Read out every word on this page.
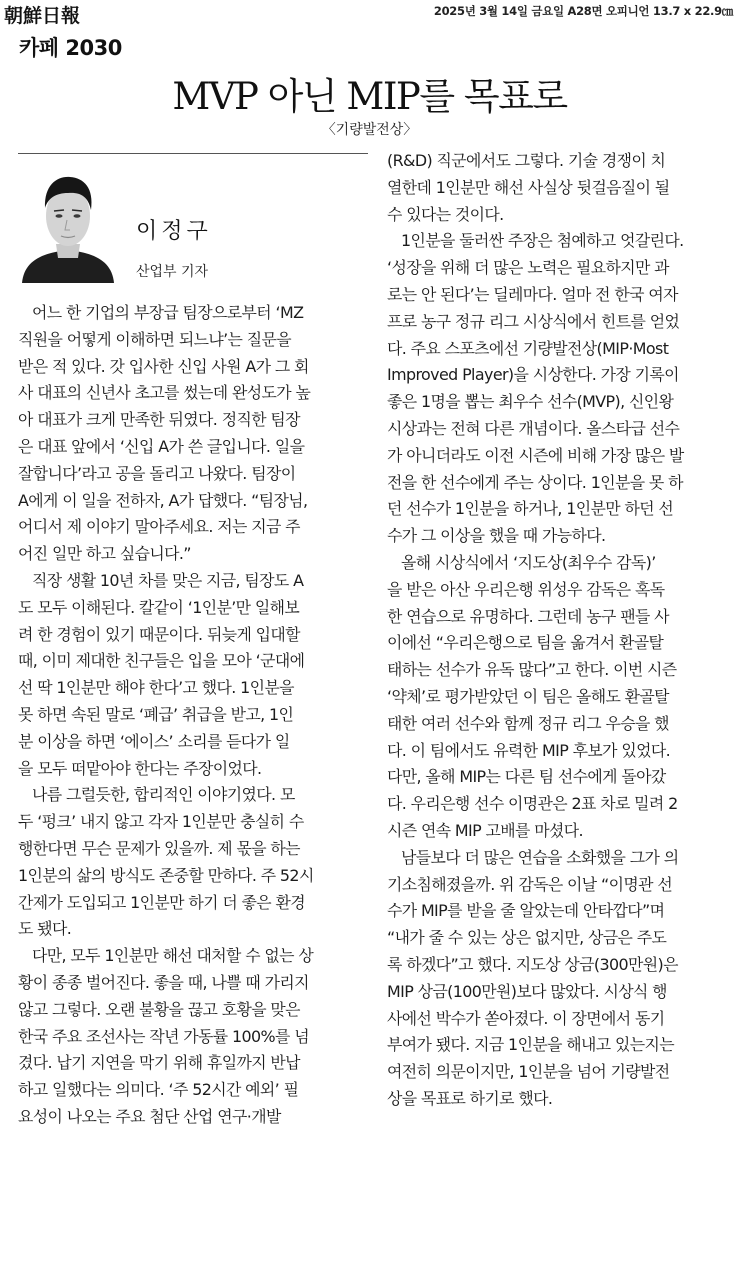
朝鮮日報	2025년 3월 14일 금요일 A28면 오피니언 13.7 x 22.9㎝
카페 2030
MVP 아닌 MIP를 목표로
〈기량발전상〉
이정구
산업부 기자
어느 한 기업의 부장급 팀장으로부터 ‘MZ
직원을 어떻게 이해하면 되느냐’는 질문을
받은 적 있다. 갓 입사한 신입 사원 A가 그 회
사 대표의 신년사 초고를 썼는데 완성도가 높
아 대표가 크게 만족한 뒤였다. 정직한 팀장
은 대표 앞에서 ‘신입 A가 쓴 글입니다. 일을
잘합니다’라고 공을 돌리고 나왔다. 팀장이
A에게 이 일을 전하자, A가 답했다. “팀장님,
어디서 제 이야기 말아주세요. 저는 지금 주
어진 일만 하고 싶습니다.”
직장 생활 10년 차를 맞은 지금, 팀장도 A
도 모두 이해된다. 칼같이 ‘1인분’만 일해보
려 한 경험이 있기 때문이다. 뒤늦게 입대할
때, 이미 제대한 친구들은 입을 모아 ‘군대에
선 딱 1인분만 해야 한다’고 했다. 1인분을
못 하면 속된 말로 ‘폐급’ 취급을 받고, 1인
분 이상을 하면 ‘에이스’ 소리를 듣다가 일
을 모두 떠맡아야 한다는 주장이었다.
나름 그럴듯한, 합리적인 이야기였다. 모
두 ‘펑크’ 내지 않고 각자 1인분만 충실히 수
행한다면 무슨 문제가 있을까. 제 몫을 하는
1인분의 삶의 방식도 존중할 만하다. 주 52시
간제가 도입되고 1인분만 하기 더 좋은 환경
도 됐다.
다만, 모두 1인분만 해선 대처할 수 없는 상
황이 종종 벌어진다. 좋을 때, 나쁠 때 가리지
않고 그렇다. 오랜 불황을 끊고 호황을 맞은
한국 주요 조선사는 작년 가동률 100%를 넘
겼다. 납기 지연을 막기 위해 휴일까지 반납
하고 일했다는 의미다. ‘주 52시간 예외’ 필
요성이 나오는 주요 첨단 산업 연구·개발
(R&D) 직군에서도 그렇다. 기술 경쟁이 치
열한데 1인분만 해선 사실상 뒷걸음질이 될
수 있다는 것이다.
1인분을 둘러싼 주장은 첨예하고 엇갈린다.
‘성장을 위해 더 많은 노력은 필요하지만 과
로는 안 된다’는 딜레마다. 얼마 전 한국 여자
프로 농구 정규 리그 시상식에서 힌트를 얻었
다. 주요 스포츠에선 기량발전상(MIP·Most
Improved Player)을 시상한다. 가장 기록이
좋은 1명을 뽑는 최우수 선수(MVP), 신인왕
시상과는 전혀 다른 개념이다. 올스타급 선수
가 아니더라도 이전 시즌에 비해 가장 많은 발
전을 한 선수에게 주는 상이다. 1인분을 못 하
던 선수가 1인분을 하거나, 1인분만 하던 선
수가 그 이상을 했을 때 가능하다.
올해 시상식에서 ‘지도상(최우수 감독)’
을 받은 아산 우리은행 위성우 감독은 혹독
한 연습으로 유명하다. 그런데 농구 팬들 사
이에선 “우리은행으로 팀을 옮겨서 환골탈
태하는 선수가 유독 많다”고 한다. 이번 시즌
‘약체’로 평가받았던 이 팀은 올해도 환골탈
태한 여러 선수와 함께 정규 리그 우승을 했
다. 이 팀에서도 유력한 MIP 후보가 있었다.
다만, 올해 MIP는 다른 팀 선수에게 돌아갔
다. 우리은행 선수 이명관은 2표 차로 밀려 2
시즌 연속 MIP 고배를 마셨다.
남들보다 더 많은 연습을 소화했을 그가 의
기소침해졌을까. 위 감독은 이날 “이명관 선
수가 MIP를 받을 줄 알았는데 안타깝다”며
“내가 줄 수 있는 상은 없지만, 상금은 주도
록 하겠다”고 했다. 지도상 상금(300만원)은
MIP 상금(100만원)보다 많았다. 시상식 행
사에선 박수가 쏟아졌다. 이 장면에서 동기
부여가 됐다. 지금 1인분을 해내고 있는지는
여전히 의문이지만, 1인분을 넘어 기량발전
상을 목표로 하기로 했다.
